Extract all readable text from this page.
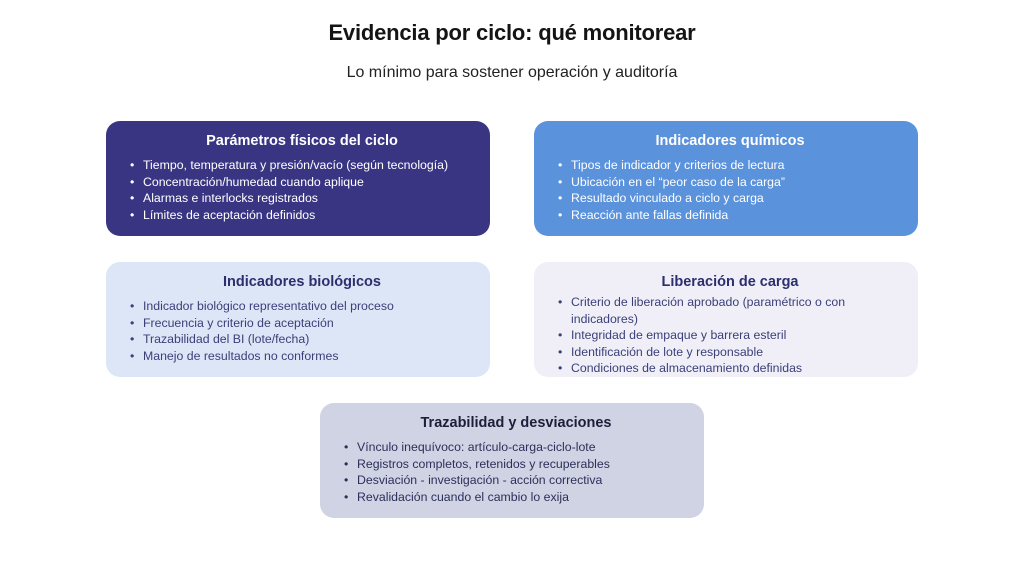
Evidencia por ciclo: qué monitorear
Lo mínimo para sostener operación y auditoría
Parámetros físicos del ciclo
• Tiempo, temperatura y presión/vacío (según tecnología)
• Concentración/humedad cuando aplique
• Alarmas e interlocks registrados
• Límites de aceptación definidos
Indicadores químicos
• Tipos de indicador y criterios de lectura
• Ubicación en el “peor caso de la carga”
• Resultado vinculado a ciclo y carga
• Reacción ante fallas definida
Indicadores biológicos
• Indicador biológico representativo del proceso
• Frecuencia y criterio de aceptación
• Trazabilidad del BI (lote/fecha)
• Manejo de resultados no conformes
Liberación de carga
• Criterio de liberación aprobado (paramétrico o con indicadores)
• Integridad de empaque y barrera esteril
• Identificación de lote y responsable
• Condiciones de almacenamiento definidas
Trazabilidad y desviaciones
• Vínculo inequívoco: artículo-carga-ciclo-lote
• Registros completos, retenidos y recuperables
• Desviación - investigación - acción correctiva
• Revalidación cuando el cambio lo exija
